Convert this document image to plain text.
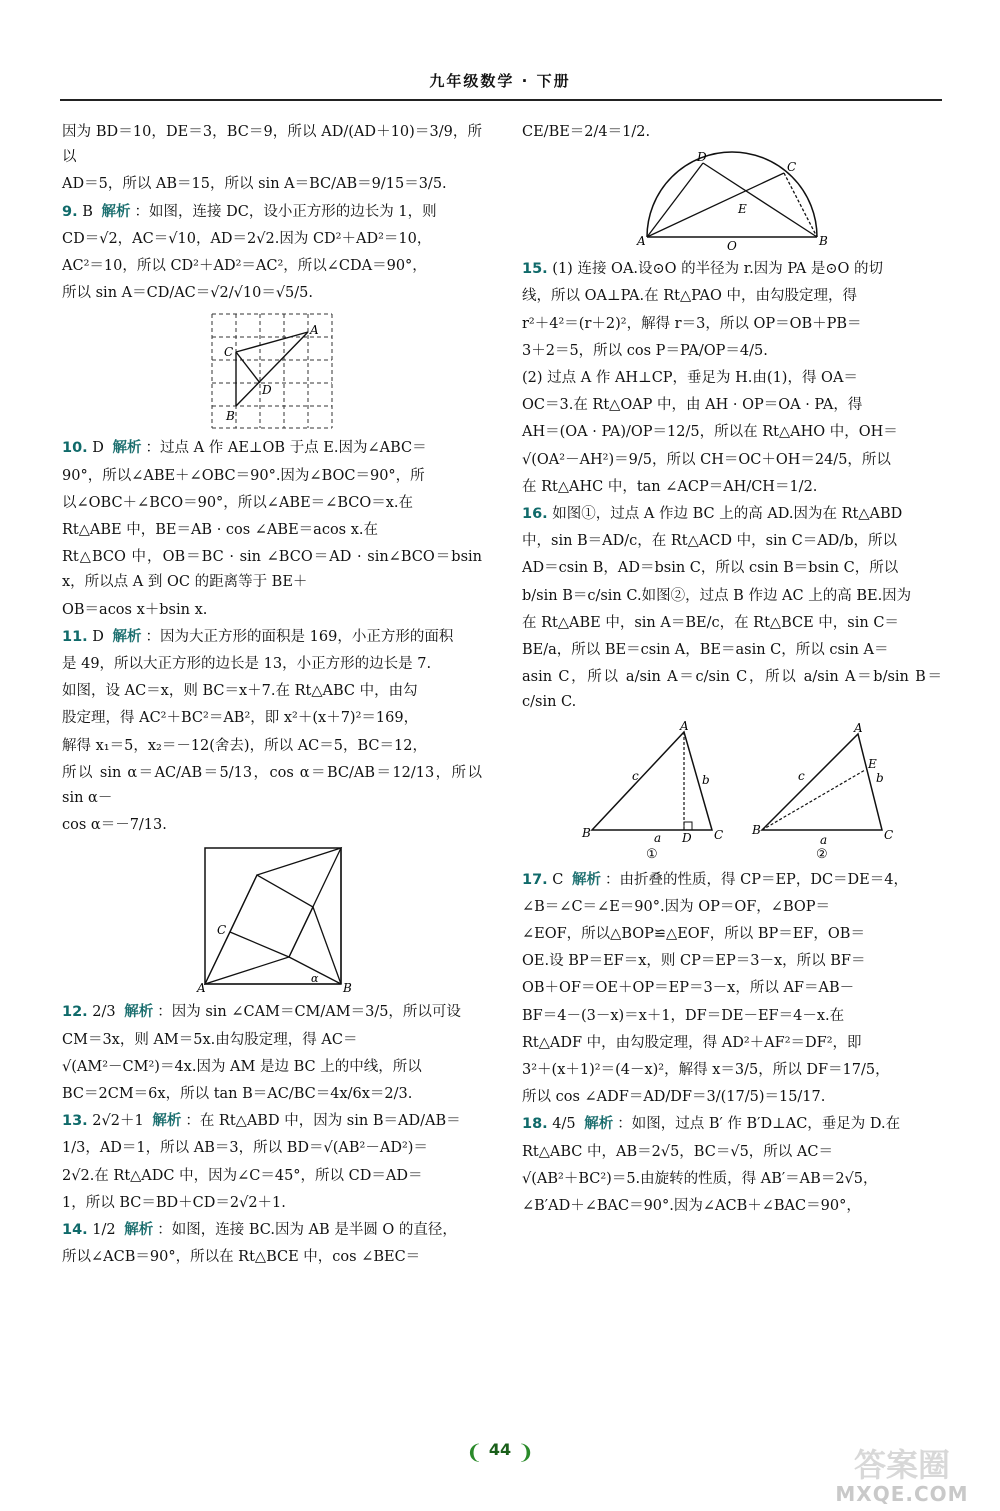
九年级数学 · 下册

因为 BD＝10，DE＝3，BC＝9，所以 AD/(AD＋10)＝3/9，所以

AD＝5，所以 AB＝15，所以 sin A＝BC/AB＝9/15＝3/5.

9. B 解析 ：如图，连接 DC，设小正方形的边长为 1，则

CD＝√2，AC＝√10，AD＝2√2.因为 CD²＋AD²＝10，

AC²＝10，所以 CD²＋AD²＝AC²，所以∠CDA＝90°，

所以 sin A＝CD/AC＝√2/√10＝√5/5.

A
C
D
B

10. D 解析 ：过点 A 作 AE⊥OB 于点 E.因为∠ABC＝

90°，所以∠ABE＋∠OBC＝90°.因为∠BOC＝90°，所

以∠OBC＋∠BCO＝90°，所以∠ABE＝∠BCO＝x.在

Rt△ABE 中，BE＝AB · cos ∠ABE＝acos x.在

Rt△BCO 中，OB＝BC · sin ∠BCO＝AD · sin∠BCO＝bsin x，所以点 A 到 OC 的距离等于 BE＋

OB＝acos x＋bsin x.

11. D 解析 ：因为大正方形的面积是 169，小正方形的面积

是 49，所以大正方形的边长是 13，小正方形的边长是 7.

如图，设 AC＝x，则 BC＝x＋7.在 Rt△ABC 中，由勾

股定理，得 AC²＋BC²＝AB²，即 x²＋(x＋7)²＝169，

解得 x₁＝5，x₂＝－12(舍去)，所以 AC＝5，BC＝12，

所以 sin α＝AC/AB＝5/13，cos α＝BC/AB＝12/13，所以 sin α－

cos α＝－7/13.

C
A	B
α

12. 2/3 解析 ：因为 sin ∠CAM＝CM/AM＝3/5，所以可设

CM＝3x，则 AM＝5x.由勾股定理，得 AC＝

√(AM²－CM²)＝4x.因为 AM 是边 BC 上的中线，所以

BC＝2CM＝6x，所以 tan B＝AC/BC＝4x/6x＝2/3.

13. 2√2＋1 解析 ：在 Rt△ABD 中，因为 sin B＝AD/AB＝

1/3，AD＝1，所以 AB＝3，所以 BD＝√(AB²－AD²)＝

2√2.在 Rt△ADC 中，因为∠C＝45°，所以 CD＝AD＝

1，所以 BC＝BD＋CD＝2√2＋1.

14. 1/2 解析 ：如图，连接 BC.因为 AB 是半圆 O 的直径，

所以∠ACB＝90°，所以在 Rt△BCE 中，cos ∠BEC＝

CE/BE＝2/4＝1/2.

D
C
E
A	B
O

15. (1) 连接 OA.设⊙O 的半径为 r.因为 PA 是⊙O 的切

线，所以 OA⊥PA.在 Rt△PAO 中，由勾股定理，得

r²＋4²＝(r＋2)²，解得 r＝3，所以 OP＝OB＋PB＝

3＋2＝5，所以 cos P＝PA/OP＝4/5.

(2) 过点 A 作 AH⊥CP，垂足为 H.由(1)，得 OA＝

OC＝3.在 Rt△OAP 中，由 AH · OP＝OA · PA，得

AH＝(OA · PA)/OP＝12/5，所以在 Rt△AHO 中，OH＝

√(OA²－AH²)＝9/5，所以 CH＝OC＋OH＝24/5，所以

在 Rt△AHC 中，tan ∠ACP＝AH/CH＝1/2.

16. 如图①，过点 A 作边 BC 上的高 AD.因为在 Rt△ABD

中，sin B＝AD/c，在 Rt△ACD 中，sin C＝AD/b，所以

AD＝csin B，AD＝bsin C，所以 csin B＝bsin C，所以

b/sin B＝c/sin C.如图②，过点 B 作边 AC 上的高 BE.因为

在 Rt△ABE 中，sin A＝BE/c，在 Rt△BCE 中，sin C＝

BE/a，所以 BE＝csin A，BE＝asin C，所以 csin A＝

asin C，所以 a/sin A＝c/sin C，所以 a/sin A＝b/sin B＝c/sin C.

A
B	C
D
c	b
a
①
A
B	C
E
c	b
a
②

17. C 解析 ：由折叠的性质，得 CP＝EP，DC＝DE＝4，

∠B＝∠C＝∠E＝90°.因为 OP＝OF，∠BOP＝

∠EOF，所以△BOP≌△EOF，所以 BP＝EF，OB＝

OE.设 BP＝EF＝x，则 CP＝EP＝3－x，所以 BF＝

OB＋OF＝OE＋OP＝EP＝3－x，所以 AF＝AB－

BF＝4－(3－x)＝x＋1，DF＝DE－EF＝4－x.在

Rt△ADF 中，由勾股定理，得 AD²＋AF²＝DF²，即

3²＋(x＋1)²＝(4－x)²，解得 x＝3/5，所以 DF＝17/5，

所以 cos ∠ADF＝AD/DF＝3/(17/5)＝15/17.

18. 4/5 解析 ：如图，过点 B′ 作 B′D⊥AC，垂足为 D.在

Rt△ABC 中，AB＝2√5，BC＝√5，所以 AC＝

√(AB²＋BC²)＝5.由旋转的性质，得 AB′＝AB＝2√5，

∠B′AD＋∠BAC＝90°.因为∠ACB＋∠BAC＝90°，

❨ 44 ❩	答案圈
MXQE.COM
